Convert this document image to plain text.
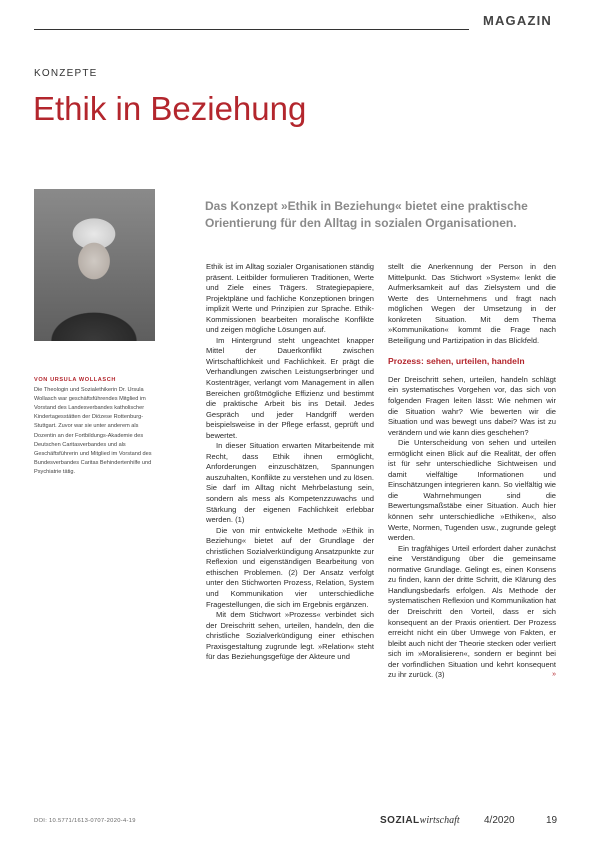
MAGAZIN
KONZEPTE
Ethik in Beziehung
Das Konzept »Ethik in Beziehung« bietet eine praktische Orientierung für den Alltag in sozialen Organisationen.
VON URSULA WOLLASCH
Die Theologin und Sozialethikerin Dr. Ursula Wollasch war geschäftsführendes Mitglied im Vorstand des Landesverbandes katholischer Kindertagesstätten der Diözese Rottenburg-Stuttgart. Zuvor war sie unter anderem als Dozentin an der Fortbildungs-Akademie des Deutschen Caritasverbandes und als Geschäftsführerin und Mitglied im Vorstand des Bundesverbandes Caritas Behindertenhilfe und Psychiatrie tätig.

Ethik ist im Alltag sozialer Organisationen ständig präsent. Leitbilder formulieren Traditionen, Werte und Ziele eines Trägers. Strategiepapiere, Projektpläne und fachliche Konzeptionen bringen implizit Werte und Prinzipien zur Sprache. Ethik-Kommissionen bearbeiten moralische Konflikte und zeigen mögliche Lösungen auf.

Im Hintergrund steht ungeachtet knapper Mittel der Dauerkonflikt zwischen Wirtschaftlichkeit und Fachlichkeit. Er prägt die Verhandlungen zwischen Leistungserbringer und Kostenträger, verlangt vom Management in allen Bereichen größtmögliche Effizienz und bestimmt die praktische Arbeit bis ins Detail. Jedes Gespräch und jeder Handgriff werden beispielsweise in der Pflege erfasst, geprüft und bewertet.

In dieser Situation erwarten Mitarbeitende mit Recht, dass Ethik ihnen ermöglicht, Anforderungen einzuschätzen, Spannungen auszuhalten, Konflikte zu verstehen und zu lösen. Sie darf im Alltag nicht Mehrbelastung sein, sondern als mess als Kompetenzzuwachs und Stärkung der eigenen Fachlichkeit erlebbar werden. (1)

Die von mir entwickelte Methode »Ethik in Beziehung« bietet auf der Grundlage der christlichen Sozialverkündigung Ansatzpunkte zur Reflexion und eigenständigen Bearbeitung von ethischen Problemen. (2) Der Ansatz verfolgt unter den Stichworten Prozess, Relation, System und Kommunikation vier unterschiedliche Fragestellungen, die sich im Ergebnis ergänzen.

Mit dem Stichwort »Prozess« verbindet sich der Dreischritt sehen, urteilen, handeln, den die christliche Sozialverkündigung einer ethischen Praxisgestaltung zugrunde legt. »Relation« steht für das Beziehungsgefüge der Akteure und

stellt die Anerkennung der Person in den Mittelpunkt. Das Stichwort »System« lenkt die Aufmerksamkeit auf das Zielsystem und die Werte des Unternehmens und fragt nach möglichen Wegen der Umsetzung in der konkreten Situation. Mit dem Thema »Kommunikation« kommt die Frage nach Beteiligung und Partizipation in das Blickfeld.

Prozess: sehen, urteilen, handeln

Der Dreischritt sehen, urteilen, handeln schlägt ein systematisches Vorgehen vor, das sich von folgenden Fragen leiten lässt: Wie nehmen wir die Situation wahr? Wie bewerten wir die Situation und was bewegt uns dabei? Was ist zu verändern und wie kann dies geschehen?

Die Unterscheidung von sehen und urteilen ermöglicht einen Blick auf die Realität, der offen ist für sehr unterschiedliche Sichtweisen und damit vielfältige Informationen und Einschätzungen integrieren kann. So vielfältig wie die Wahrnehmungen sind die Bewertungsmaßstäbe einer Situation. Auch hier können sehr unterschiedliche »Ethiken«, also Werte, Normen, Tugenden usw., zugrunde gelegt werden.

Ein tragfähiges Urteil erfordert daher zunächst eine Verständigung über die gemeinsame normative Grundlage. Gelingt es, einen Konsens zu finden, kann der dritte Schritt, die Klärung des Handlungsbedarfs erfolgen. Als Methode der systematischen Reflexion und Kommunikation hat der Dreischritt den Vorteil, dass er sich konsequent an der Praxis orientiert. Der Prozess erreicht nicht ein über Umwege von Fakten, er bleibt auch nicht der Theorie stecken oder verliert sich im »Moralisieren«, sondern er beginnt bei der vorfindlichen Situation und kehrt konsequent zu ihr zurück. (3)	»

DOI: 10.5771/1613-0707-2020-4-19	SOZIALwirtschaft 4/2020	19
